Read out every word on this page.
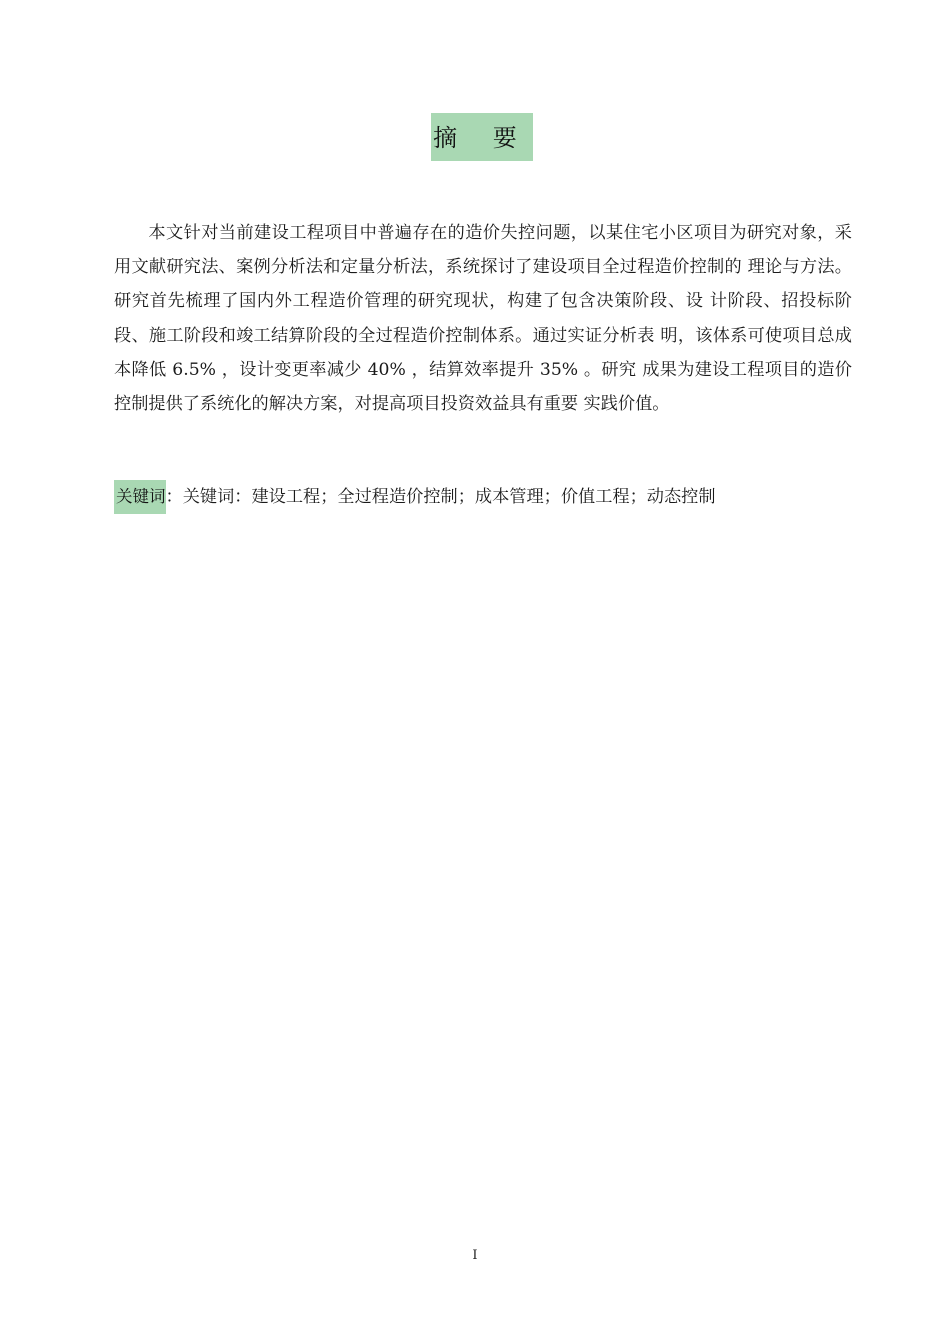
摘 要

本文针对当前建设工程项目中普遍存在的造价失控问题，以某住宅小区项目为研究对象，采用文献研究法、案例分析法和定量分析法，系统探讨了建设项目全过程造价控制的 理论与方法。研究首先梳理了国内外工程造价管理的研究现状，构建了包含决策阶段、设 计阶段、招投标阶段、施工阶段和竣工结算阶段的全过程造价控制体系。通过实证分析表 明，该体系可使项目总成本降低 6.5% ，设计变更率减少 40% ，结算效率提升 35% 。研究 成果为建设工程项目的造价控制提供了系统化的解决方案，对提高项目投资效益具有重要 实践价值。

关键词：关键词：建设工程；全过程造价控制；成本管理；价值工程；动态控制
I
